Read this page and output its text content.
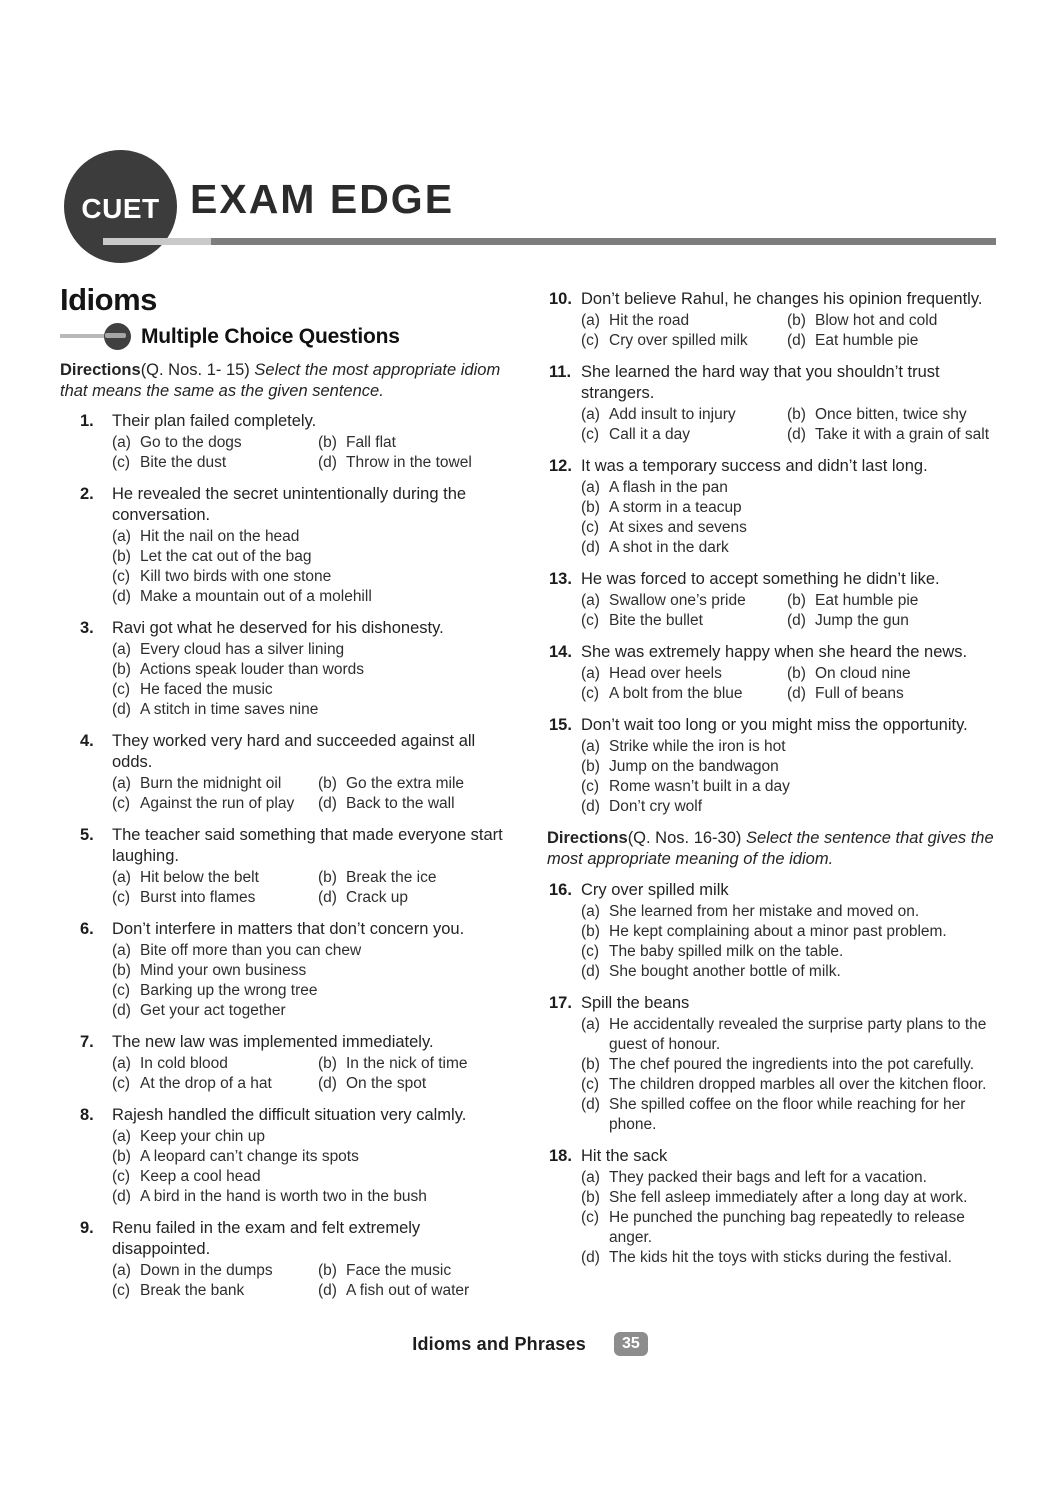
CUET EXAM EDGE
Idioms
Multiple Choice Questions

Directions(Q. Nos. 1- 15) Select the most appropriate idiom that means the same as the given sentence.

1.	Their plan failed completely.
(a) Go to the dogs	(b) Fall flat
(c) Bite the dust	(d) Throw in the towel
2.	He revealed the secret unintentionally during the conversation.
(a) Hit the nail on the head
(b) Let the cat out of the bag
(c) Kill two birds with one stone
(d) Make a mountain out of a molehill
3.	Ravi got what he deserved for his dishonesty.
(a) Every cloud has a silver lining
(b) Actions speak louder than words
(c) He faced the music
(d) A stitch in time saves nine
4.	They worked very hard and succeeded against all odds.
(a) Burn the midnight oil	(b) Go the extra mile
(c) Against the run of play	(d) Back to the wall
5.	The teacher said something that made everyone start laughing.
(a) Hit below the belt	(b) Break the ice
(c) Burst into flames	(d) Crack up
6.	Don’t interfere in matters that don’t concern you.
(a) Bite off more than you can chew
(b) Mind your own business
(c) Barking up the wrong tree
(d) Get your act together
7.	The new law was implemented immediately.
(a) In cold blood	(b) In the nick of time
(c) At the drop of a hat	(d) On the spot
8.	Rajesh handled the difficult situation very calmly.
(a) Keep your chin up
(b) A leopard can’t change its spots
(c) Keep a cool head
(d) A bird in the hand is worth two in the bush
9.	Renu failed in the exam and felt extremely disappointed.
(a) Down in the dumps	(b) Face the music
(c) Break the bank	(d) A fish out of water
10. Don’t believe Rahul, he changes his opinion frequently.
(a) Hit the road	(b) Blow hot and cold
(c) Cry over spilled milk	(d) Eat humble pie
11. She learned the hard way that you shouldn’t trust strangers.
(a) Add insult to injury	(b) Once bitten, twice shy
(c) Call it a day	(d) Take it with a grain of salt
12. It was a temporary success and didn’t last long.
(a) A flash in the pan
(b) A storm in a teacup
(c) At sixes and sevens
(d) A shot in the dark
13. He was forced to accept something he didn’t like.
(a) Swallow one’s pride	(b) Eat humble pie
(c) Bite the bullet	(d) Jump the gun
14. She was extremely happy when she heard the news.
(a) Head over heels	(b) On cloud nine
(c) A bolt from the blue	(d) Full of beans
15. Don’t wait too long or you might miss the opportunity.
(a) Strike while the iron is hot
(b) Jump on the bandwagon
(c) Rome wasn’t built in a day
(d) Don’t cry wolf

Directions(Q. Nos. 16-30) Select the sentence that gives the most appropriate meaning of the idiom.

16. Cry over spilled milk
(a) She learned from her mistake and moved on.
(b) He kept complaining about a minor past problem.
(c) The baby spilled milk on the table.
(d) She bought another bottle of milk.
17. Spill the beans
(a) He accidentally revealed the surprise party plans to the guest of honour.
(b) The chef poured the ingredients into the pot carefully.
(c) The children dropped marbles all over the kitchen floor.
(d) She spilled coffee on the floor while reaching for her phone.
18. Hit the sack
(a) They packed their bags and left for a vacation.
(b) She fell asleep immediately after a long day at work.
(c) He punched the punching bag repeatedly to release anger.
(d) The kids hit the toys with sticks during the festival.
Idioms and Phrases	35
